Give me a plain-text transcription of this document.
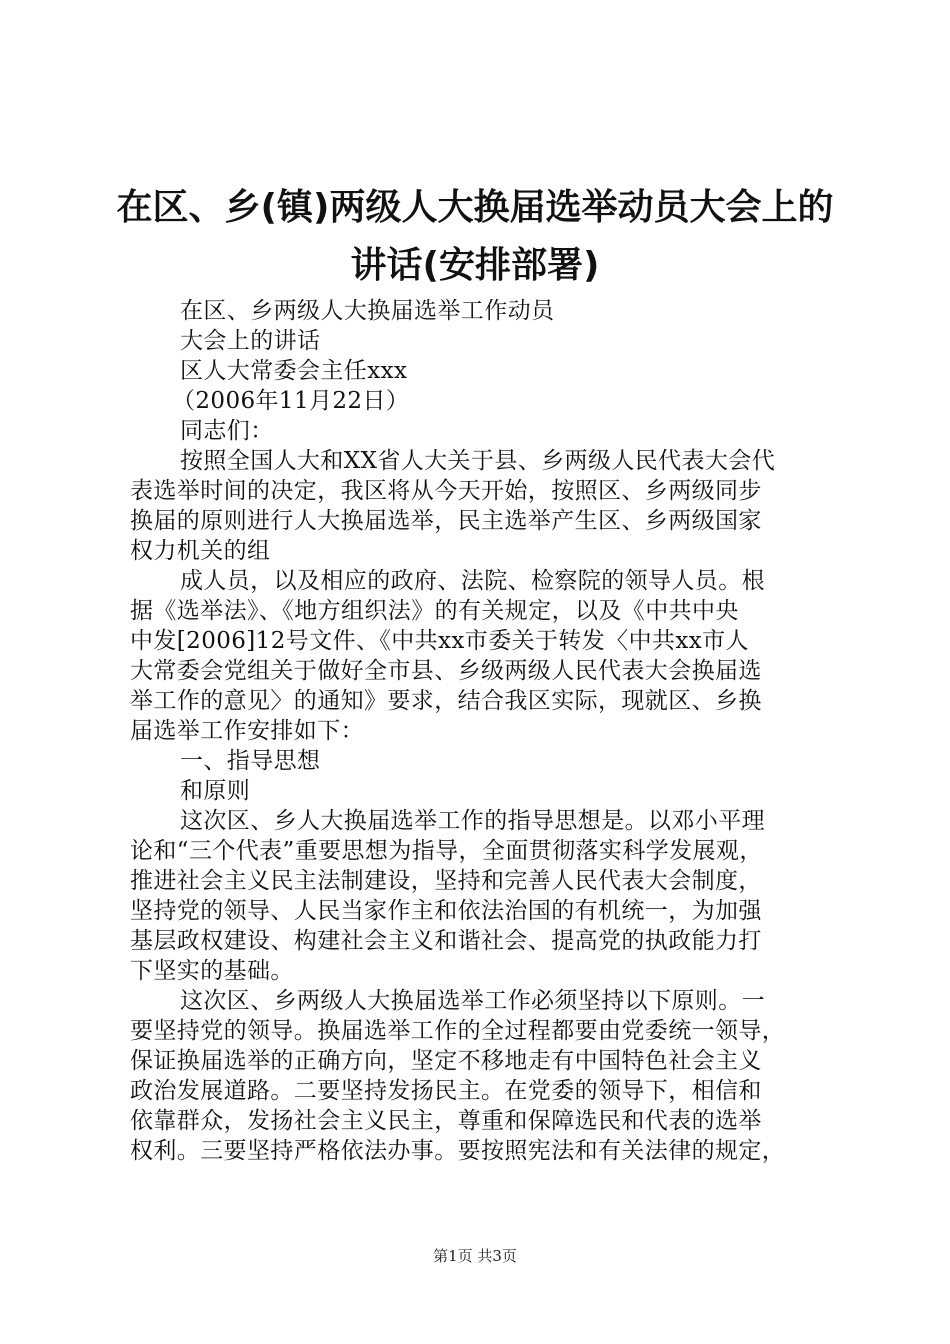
在区、乡(镇)两级人大换届选举动员大会上的
讲话(安排部署)
在区、乡两级人大换届选举工作动员
大会上的讲话
区人大常委会主任xxx
（2006年11月22日）
同志们：
按照全国人大和XX省人大关于县、乡两级人民代表大会代
表选举时间的决定，我区将从今天开始，按照区、乡两级同步
换届的原则进行人大换届选举，民主选举产生区、乡两级国家
权力机关的组
成人员，以及相应的政府、法院、检察院的领导人员。根
据《选举法》、《地方组织法》的有关规定，以及《中共中央
中发[2006]12号文件、《中共xx市委关于转发〈中共xx市人
大常委会党组关于做好全市县、乡级两级人民代表大会换届选
举工作的意见〉的通知》要求，结合我区实际，现就区、乡换
届选举工作安排如下：
一、指导思想
和原则
这次区、乡人大换届选举工作的指导思想是。以邓小平理
论和“三个代表”重要思想为指导，全面贯彻落实科学发展观，
推进社会主义民主法制建设，坚持和完善人民代表大会制度，
坚持党的领导、人民当家作主和依法治国的有机统一，为加强
基层政权建设、构建社会主义和谐社会、提高党的执政能力打
下坚实的基础。
这次区、乡两级人大换届选举工作必须坚持以下原则。一
要坚持党的领导。换届选举工作的全过程都要由党委统一领导，
保证换届选举的正确方向，坚定不移地走有中国特色社会主义
政治发展道路。二要坚持发扬民主。在党委的领导下，相信和
依靠群众，发扬社会主义民主，尊重和保障选民和代表的选举
权利。三要坚持严格依法办事。要按照宪法和有关法律的规定，
第1页 共3页
